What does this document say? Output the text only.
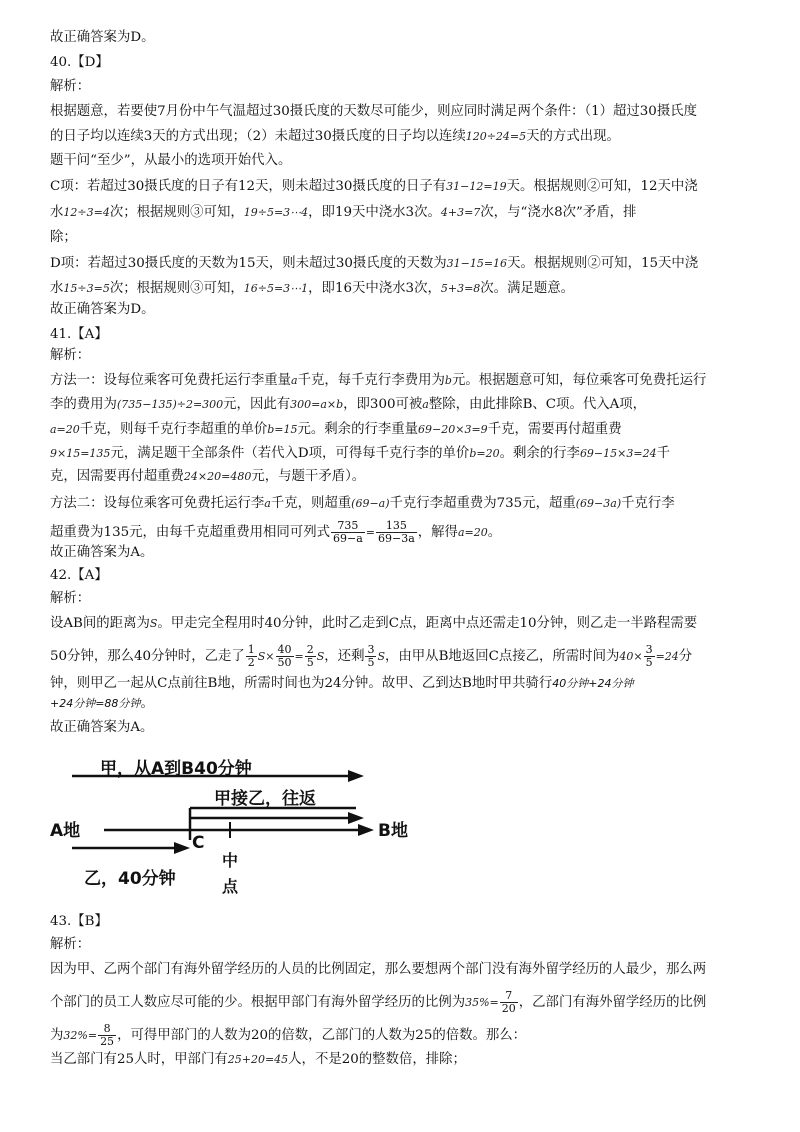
故正确答案为D。
40.【D】
解析：
根据题意，若要使7月份中午气温超过30摄氏度的天数尽可能少，则应同时满足两个条件：（1）超过30摄氏度
的日子均以连续3天的方式出现；（2）未超过30摄氏度的日子均以连续120÷24=5天的方式出现。
题干问“至少”，从最小的选项开始代入。
C项：若超过30摄氏度的日子有12天，则未超过30摄氏度的日子有31−12=19天。根据规则②可知，12天中浇
水12÷3=4次；根据规则③可知，19÷5=3⋯4，即19天中浇水3次。4+3=7次，与“浇水8次”矛盾，排
除；
D项：若超过30摄氏度的天数为15天，则未超过30摄氏度的天数为31−15=16天。根据规则②可知，15天中浇
水15÷3=5次；根据规则③可知，16÷5=3⋯1，即16天中浇水3次，5+3=8次。满足题意。
故正确答案为D。
41.【A】
解析：
方法一：设每位乘客可免费托运行李重量a千克，每千克行李费用为b元。根据题意可知，每位乘客可免费托运行
李的费用为(735−135)÷2=300元，因此有300=a×b，即300可被a整除，由此排除B、C项。代入A项，
a=20千克，则每千克行李超重的单价b=15元。剩余的行李重量69−20×3=9千克，需要再付超重费
9×15=135元，满足题干全部条件（若代入D项，可得每千克行李的单价b=20。剩余的行李69−15×3=24千
克，因需要再付超重费24×20=480元，与题干矛盾）。
方法二：设每位乘客可免费托运行李a千克，则超重(69−a)千克行李超重费为735元，超重(69−3a)千克行李
超重费为135元，由每千克超重费用相同可列式 $\frac{735}{69-a} = \frac{135}{69-3a}$ ，解得a=20。
故正确答案为A。
42.【A】
解析：
设AB间的距离为S。甲走完全程用时40分钟，此时乙走到C点，距离中点还需走10分钟，则乙走一半路程需要
50分钟，那么40分钟时，乙走了 $\frac{1}{2} S\times \frac{40}{50} = \frac{2}{5}$ S，还剩 $\frac{3}{5}$ S，由甲从B地返回C点接乙，所需时间为$40\times \frac{3}{5} =24$分
钟，则甲乙一起从C点前往B地，所需时间也为24分钟。故甲、乙到达B地时甲共骑行40分钟+24分钟
+24分钟=88分钟。
故正确答案为A。
甲，从A到B40分钟
甲接乙，往返
A地	B地
C
中
点
乙，40分钟
43.【B】
解析：
因为甲、乙两个部门有海外留学经历的人员的比例固定，那么要想两个部门没有海外留学经历的人最少，那么两
个部门的员工人数应尽可能的少。根据甲部门有海外留学经历的比例为$35\%= \frac{7}{20}$ ，乙部门有海外留学经历的比例
为$32\%= \frac{8}{25}$ ，可得甲部门的人数为20的倍数，乙部门的人数为25的倍数。那么：
当乙部门有25人时，甲部门有25+20=45人，不是20的整数倍，排除；
